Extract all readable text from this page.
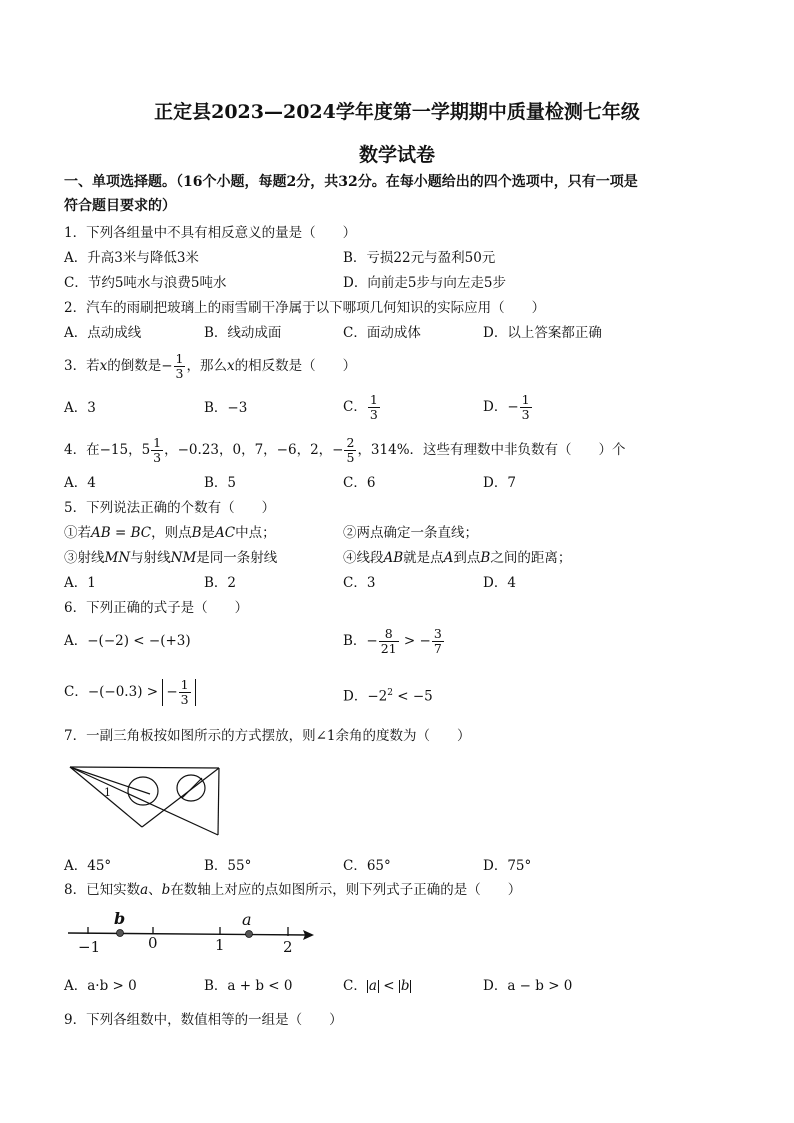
正定县2023—2024学年度第一学期期中质量检测七年级
数学试卷
一、单项选择题。（16个小题，每题2分，共32分。在每小题给出的四个选项中，只有一项是
符合题目要求的）
1．下列各组量中不具有相反意义的量是（　　）
A．升高3米与降低3米	B．亏损22元与盈利50元
C．节约5吨水与浪费5吨水	D．向前走5步与向左走5步
2．汽车的雨刷把玻璃上的雨雪刷干净属于以下哪项几何知识的实际应用（　　）
A．点动成线	B．线动成面	C．面动成体	D．以上答案都正确
3．若x的倒数是− $\frac{1}{3}$ ，那么x的相反数是（　　）
A．3	B．−3	C． $\frac{1}{3}$	D．− $\frac{1}{3}$
4．在−15，$5 \frac{1}{3}$ ，−0.23，0，7，−6，2，− $\frac{2}{5}$ ，314%．这些有理数中非负数有（　　）个
A．4	B．5	C．6	D．7
5．下列说法正确的个数有（　　）
①若AB = BC，则点B是AC中点；	②两点确定一条直线；
③射线MN与射线NM是同一条射线	④线段AB就是点A到点B之间的距离；
A．1	B．2	C．3	D．4
6．下列正确的式子是（　　）
A．−(−2) < −(+3)	B．− $\frac{8}{21}$ > − $\frac{3}{7}$
C．−(−0.3) > − $\frac{1}{3}$	D．$-2^2 < -5$
7．一副三角板按如图所示的方式摆放，则∠1余角的度数为（　　）
1
A．45°	B．55°	C．65°	D．75°
8．已知实数a、b在数轴上对应的点如图所示，则下列式子正确的是（　　）
b	a
−1	0	1	2
A．a·b > 0	B．a + b < 0	C． a < b	D．a − b > 0
9．下列各组数中，数值相等的一组是（　　）
